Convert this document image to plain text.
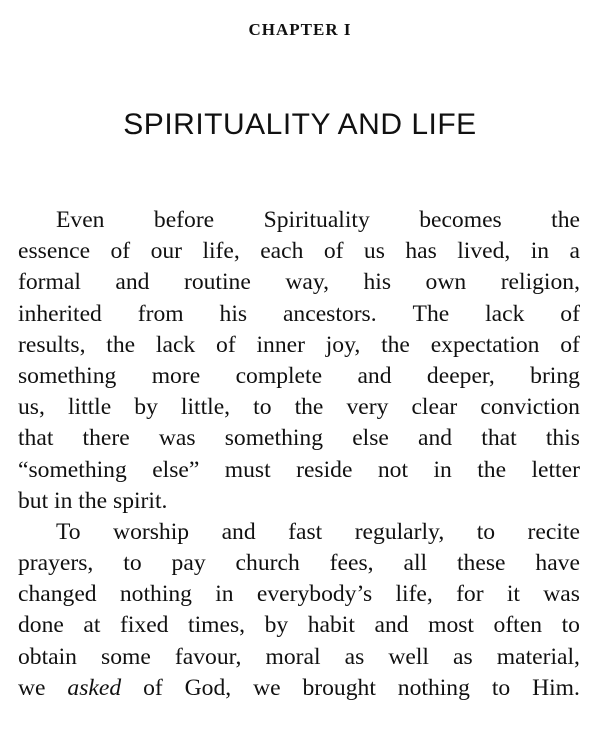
CHAPTER I
SPIRITUALITY AND LIFE
Even before Spirituality becomes the
essence of our life, each of us has lived, in a
formal and routine way, his own religion,
inherited from his ancestors. The lack of
results, the lack of inner joy, the expectation of
something more complete and deeper, bring
us, little by little, to the very clear conviction
that there was something else and that this
“something else” must reside not in the letter
but in the spirit.
To worship and fast regularly, to recite
prayers, to pay church fees, all these have
changed nothing in everybody’s life, for it was
done at fixed times, by habit and most often to
obtain some favour, moral as well as material,
we asked of God, we brought nothing to Him.
